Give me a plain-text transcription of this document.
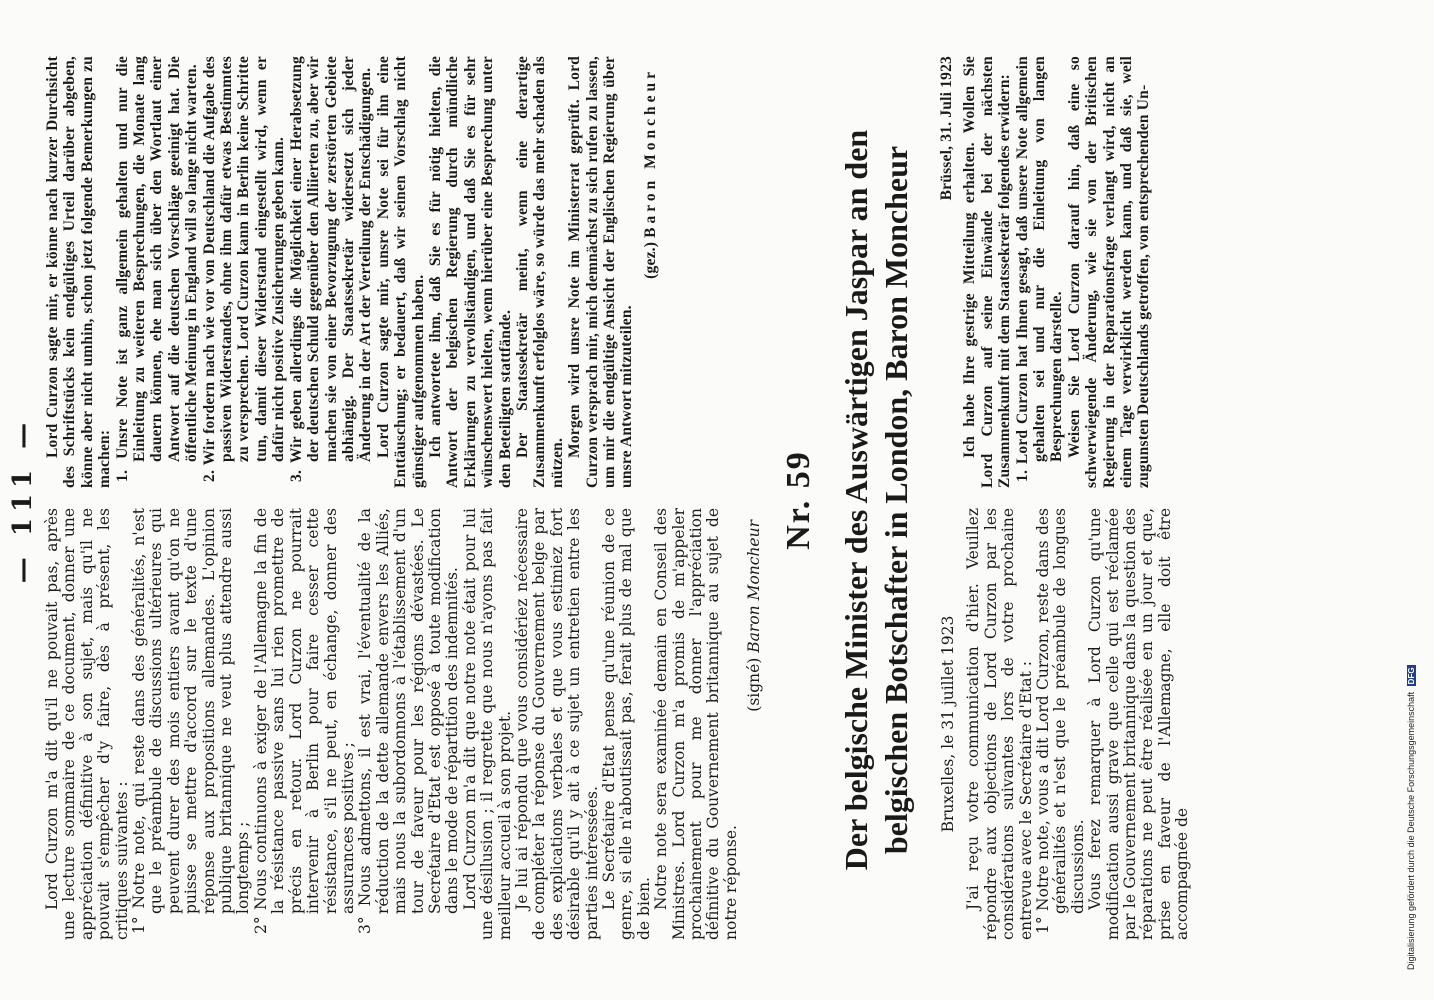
— 111 —

Lord Curzon m'a dit qu'il ne pouvait pas, après une lecture sommaire de ce document, donner une appréciation définitive à son sujet, mais qu'il ne pouvait s'empêcher d'y faire, dès à présent, les critiques suivantes : 1° Notre note, qui reste dans des généralités, n'est que le préambule de discussions ultérieures qui peuvent durer des mois entiers avant qu'on ne puisse se mettre d'accord sur le texte d'une réponse aux propositions allemandes. L'opinion publique britannique ne veut plus attendre aussi longtemps ; 2° Nous continuons à exiger de l'Allemagne la fin de la résistance passive sans lui rien promettre de précis en retour. Lord Curzon ne pourrait intervenir à Berlin pour faire cesser cette résistance, s'il ne peut, en échange, donner des assurances positives ; 3° Nous admettons, il est vrai, l'éventualité de la réduction de la dette allemande envers les Alliés, mais nous la subordonnons à l'établissement d'un tour de faveur pour les régions dévastées. Le Secrétaire d'Etat est opposé à toute modification dans le mode de répartition des indemnités. Lord Curzon m'a dit que notre note était pour lui une désillusion ; il regrette que nous n'ayons pas fait meilleur accueil à son projet. Je lui ai répondu que vous considériez nécessaire de compléter la réponse du Gouvernement belge par des explications verbales et que vous estimiez fort désirable qu'il y ait à ce sujet un entretien entre les parties intéressées. Le Secrétaire d'Etat pense qu'une réunion de ce genre, si elle n'aboutissait pas, ferait plus de mal que de bien. Notre note sera examinée demain en Conseil des Ministres. Lord Curzon m'a promis de m'appeler prochainement pour me donner l'appréciation définitive du Gouvernement britannique au sujet de notre réponse.

(signé) Baron Moncheur

Lord Curzon sagte mir, er könne nach kurzer Durchsicht des Schriftstücks kein endgültiges Urteil darüber abgeben, könne aber nicht umhin, schon jetzt folgende Bemerkungen zu machen: 1. Unsre Note ist ganz allgemein gehalten und nur die Einleitung zu weiteren Besprechungen, die Monate lang dauern können, ehe man sich über den Wortlaut einer Antwort auf die deutschen Vorschläge geeinigt hat. Die öffentliche Meinung in England will so lange nicht warten. 2. Wir fordern nach wie vor von Deutschland die Aufgabe des passiven Widerstandes, ohne ihm dafür etwas Bestimmtes zu versprechen. Lord Curzon kann in Berlin keine Schritte tun, damit dieser Widerstand eingestellt wird, wenn er dafür nicht positive Zusicherungen geben kann. 3. Wir geben allerdings die Möglichkeit einer Herabsetzung der deutschen Schuld gegenüber den Alliierten zu, aber wir machen sie von einer Bevorzugung der zerstörten Gebiete abhängig. Der Staatssekretär widersetzt sich jeder Änderung in der Art der Verteilung der Entschädigungen. Lord Curzon sagte mir, unsre Note sei für ihn eine Enttäuschung; er bedauert, daß wir seinen Vorschlag nicht günstiger aufgenommen haben. Ich antwortete ihm, daß Sie es für nötig hielten, die Antwort der belgischen Regierung durch mündliche Erklärungen zu vervollständigen, und daß Sie es für sehr wünschenswert hielten, wenn hierüber eine Besprechung unter den Beteiligten stattfände. Der Staatssekretär meint, wenn eine derartige Zusammenkunft erfolglos wäre, so würde das mehr schaden als nützen.

Morgen wird unsre Note im Ministerrat geprüft. Lord Curzon versprach mir, mich demnächst zu sich rufen zu lassen, um mir die endgültige Ansicht der Englischen Regierung über unsre Antwort mitzuteilen.

(gez.) Baron Moncheur

Nr. 59 Der belgische Minister des Auswärtigen Jaspar an den belgischen Botschafter in London, Baron Moncheur Bruxelles, le 31 juillet 1923 J'ai reçu votre communication d'hier. Veuillez répondre aux objections de Lord Curzon par les considérations suivantes lors de votre prochaine entrevue avec le Secrétaire d'Etat : 1° Notre note, vous a dit Lord Curzon, reste dans des généralités et n'est que le préambule de longues discussions. Vous ferez remarquer à Lord Curzon qu'une modification aussi grave que celle qui est réclamée par le Gouvernement britannique dans la question des réparations ne peut être réalisée en un jour et que, prise en faveur de l'Allemagne, elle doit être accompagnée de

Brüssel, 31. Juli 1923 Ich habe Ihre gestrige Mitteilung erhalten. Wollen Sie Lord Curzon auf seine Einwände bei der nächsten Zusammenkunft mit dem Staatssekretär folgendes erwidern: 1. Lord Curzon hat Ihnen gesagt, daß unsere Note allgemein gehalten sei und nur die Einleitung von langen Besprechungen darstelle. Weisen Sie Lord Curzon darauf hin, daß eine so schwerwiegende Änderung, wie sie von der Britischen Regierung in der Reparationsfrage verlangt wird, nicht an einem Tage verwirklicht werden kann, und daß sie, weil zugunsten Deutschlands getroffen, von entsprechenden Un-

Digitalisierung gefördert durch die Deutsche Forschungsgemeinschaft DFG
